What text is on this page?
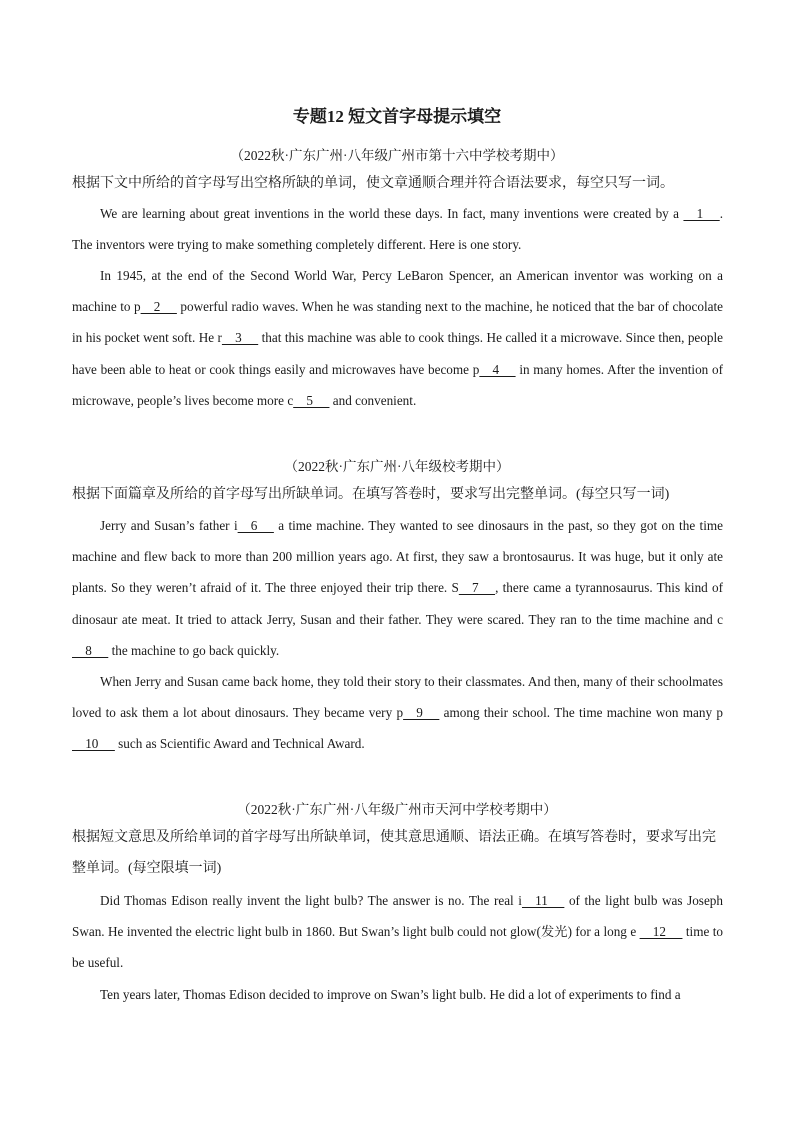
专题12 短文首字母提示填空
（2022秋·广东广州·八年级广州市第十六中学校考期中）
根据下文中所给的首字母写出空格所缺的单词，使文章通顺合理并符合语法要求，每空只写一词。
We are learning about great inventions in the world these days. In fact, many inventions were created by a     1     . The inventors were trying to make something completely different. Here is one story.
In 1945, at the end of the Second World War, Percy LeBaron Spencer, an American inventor was working on a machine to p    2      powerful radio waves. When he was standing next to the machine, he noticed that the bar of chocolate in his pocket went soft. He r    3      that this machine was able to cook things. He called it a microwave. Since then, people have been able to heat or cook things easily and microwaves have become p    4      in many homes. After the invention of microwave, people’s lives become more c    5      and convenient.
（2022秋·广东广州·八年级校考期中）
根据下面篇章及所给的首字母写出所缺单词。在填写答卷时，要求写出完整单词。(每空只写一词)
Jerry and Susan’s father i    6      a time machine. They wanted to see dinosaurs in the past, so they got on the time machine and flew back to more than 200 million years ago. At first, they saw a brontosaurus. It was huge, but it only ate plants. So they weren’t afraid of it. The three enjoyed their trip there. S    7     , there came a tyrannosaurus. This kind of dinosaur ate meat. It tried to attack Jerry, Susan and their father. They were scared. They ran to the time machine and c    8      the machine to go back quickly.
When Jerry and Susan came back home, they told their story to their classmates. And then, many of their schoolmates loved to ask them a lot about dinosaurs. They became very p    9      among their school. The time machine won many p    10      such as Scientific Award and Technical Award.
（2022秋·广东广州·八年级广州市天河中学校考期中）
根据短文意思及所给单词的首字母写出所缺单词，使其意思通顺、语法正确。在填写答卷时，要求写出完整单词。(每空限填一词)
Did Thomas Edison really invent the light bulb? The answer is no. The real i    11      of the light bulb was Joseph Swan. He invented the electric light bulb in 1860. But Swan’s light bulb could not glow(发光) for a long e     12      time to be useful.
Ten years later, Thomas Edison decided to improve on Swan’s light bulb. He did a lot of experiments to find a
